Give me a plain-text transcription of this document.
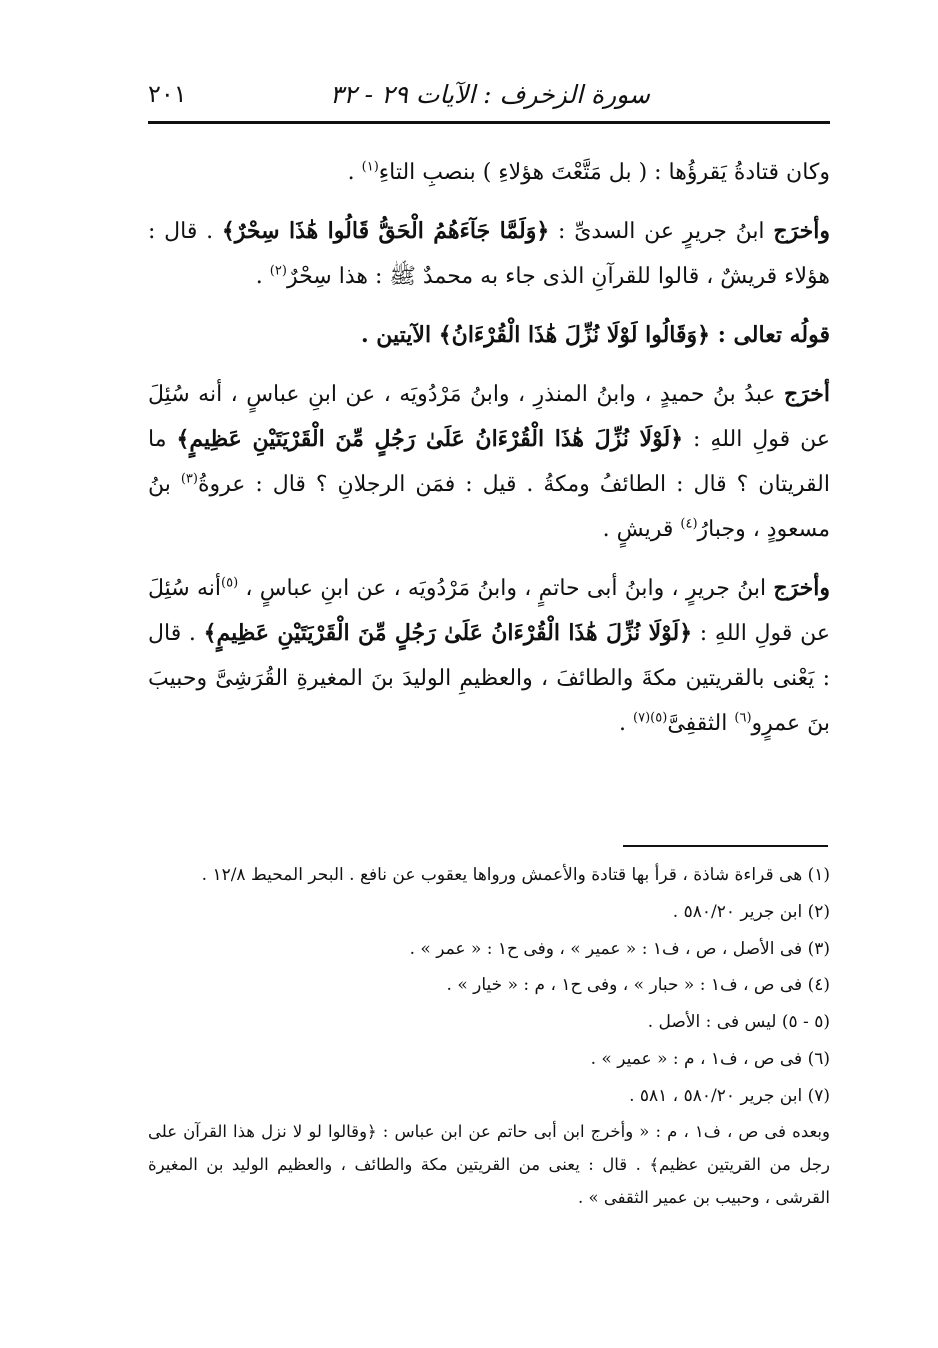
سورة الزخرف : الآيات ٢٩ - ٣٢
٢٠١

وكان قتادةُ يَقرؤُها : ( بل مَتَّعْتَ هؤلاءِ ) بنصبِ التاءِ$^{(١)}$ .

وأخرَج ابنُ جريرٍ عن السدىِّ : ﴿وَلَمَّا جَآءَهُمُ الْحَقُّ قَالُوا هَٰذَا سِحْرٌ﴾ . قال : هؤلاء قريشٌ ، قالوا للقرآنِ الذى جاء به محمدٌ ﷺ : هذا سِحْرٌ$^{(٢)}$ .

قولُه تعالى : ﴿وَقَالُوا لَوْلَا نُزِّلَ هَٰذَا الْقُرْءَانُ﴾ الآيتين .

أخرَج عبدُ بنُ حميدٍ ، وابنُ المنذرِ ، وابنُ مَرْدُويَه ، عن ابنِ عباسٍ ، أنه سُئِلَ عن قولِ اللهِ : ﴿لَوْلَا نُزِّلَ هَٰذَا الْقُرْءَانُ عَلَىٰ رَجُلٍ مِّنَ الْقَرْيَتَيْنِ عَظِيمٍ﴾ ما القريتان ؟ قال : الطائفُ ومكةُ . قيل : فمَن الرجلانِ ؟ قال : عروةُ$^{(٣)}$ بنُ مسعودٍ ، وجبارُ$^{(٤)}$ قريشٍ .

وأخرَج ابنُ جريرٍ ، وابنُ أبى حاتمٍ ، وابنُ مَرْدُويَه ، عن ابنِ عباسٍ ، $^{(٥)}$أنه سُئِلَ عن قولِ اللهِ : ﴿لَوْلَا نُزِّلَ هَٰذَا الْقُرْءَانُ عَلَىٰ رَجُلٍ مِّنَ الْقَرْيَتَيْنِ عَظِيمٍ﴾ . قال : يَعْنى بالقريتين مكةَ والطائفَ ، والعظيمِ الوليدَ بنَ المغيرةِ القُرَشِىَّ وحبيبَ بنَ عمرٍو$^{(٦)}$ الثقفِىَّ$^{(٥)(٧)}$ .

(١) هى قراءة شاذة ، قرأ بها قتادة والأعمش ورواها يعقوب عن نافع . البحر المحيط ١٢/٨ .

(٢) ابن جرير ٥٨٠/٢٠ .

(٣) فى الأصل ، ص ، ف١ : « عمير » ، وفى ح١ : « عمر » .

(٤) فى ص ، ف١ : « حبار » ، وفى ح١ ، م : « خيار » .

(٥ - ٥) ليس فى : الأصل .

(٦) فى ص ، ف١ ، م : « عمير » .

(٧) ابن جرير ٥٨٠/٢٠ ، ٥٨١ .

وبعده فى ص ، ف١ ، م : « وأخرج ابن أبى حاتم عن ابن عباس : ﴿وقالوا لو لا نزل هذا القرآن على رجل من القريتين عظيم﴾ . قال : يعنى من القريتين مكة والطائف ، والعظيم الوليد بن المغيرة القرشى ، وحبيب بن عمير الثقفى » .
